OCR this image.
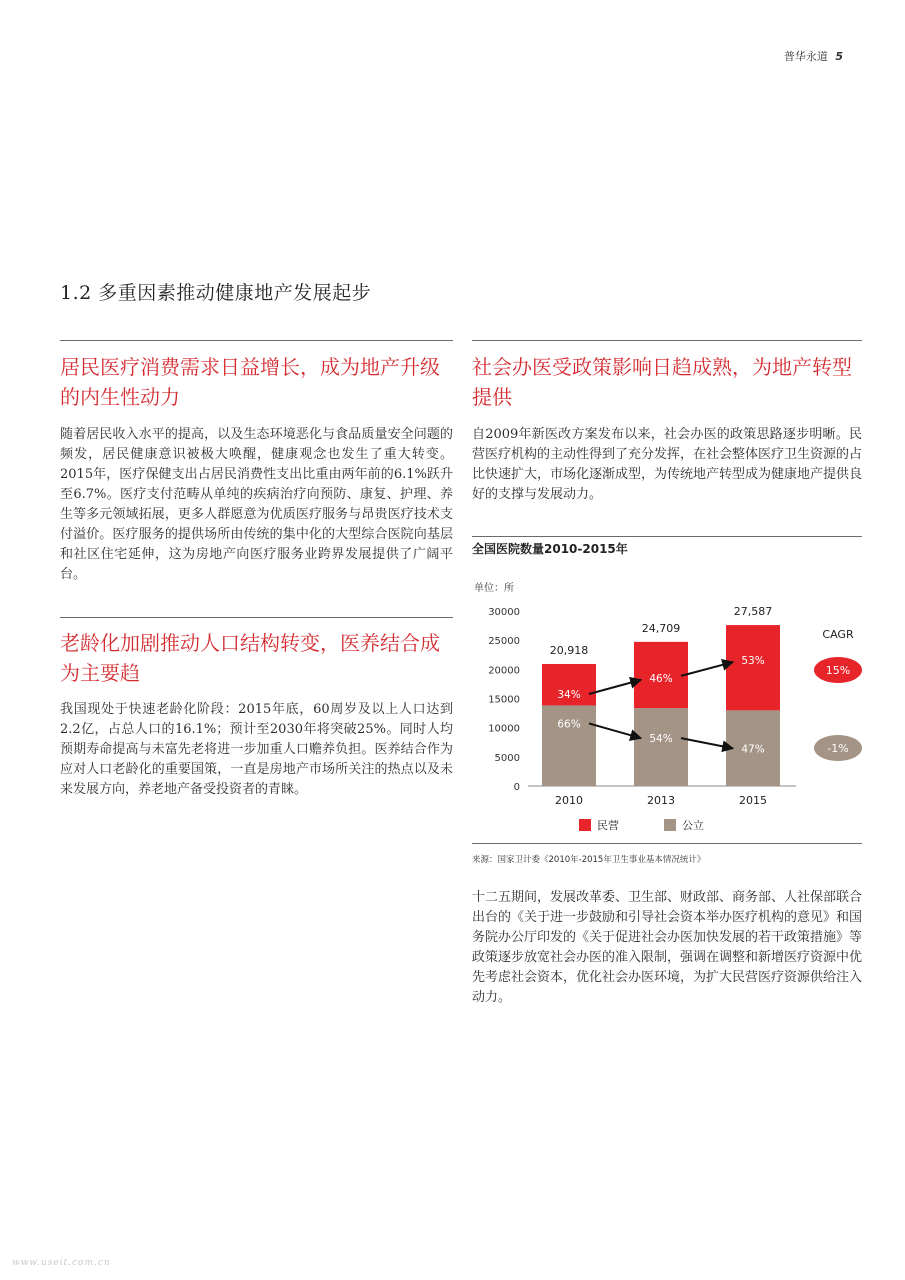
普华永道 5
1.2 多重因素推动健康地产发展起步
居民医疗消费需求日益增长，成为地产升级的内生性动力

随着居民收入水平的提高，以及生态环境恶化与食品质量安全问题的频发，居民健康意识被极大唤醒，健康观念也发生了重大转变。2015年，医疗保健支出占居民消费性支出比重由两年前的6.1%跃升至6.7%。医疗支付范畴从单纯的疾病治疗向预防、康复、护理、养生等多元领域拓展，更多人群愿意为优质医疗服务与昂贵医疗技术支付溢价。医疗服务的提供场所由传统的集中化的大型综合医院向基层和社区住宅延伸，这为房地产向医疗服务业跨界发展提供了广阔平台。

老龄化加剧推动人口结构转变，医养结合成为主要趋

我国现处于快速老龄化阶段：2015年底，60周岁及以上人口达到2.2亿，占总人口的16.1%；预计至2030年将突破25%。同时人均预期寿命提高与未富先老将进一步加重人口赡养负担。医养结合作为应对人口老龄化的重要国策，一直是房地产市场所关注的热点以及未来发展方向，养老地产备受投资者的青睐。

社会办医受政策影响日趋成熟，为地产转型提供

自2009年新医改方案发布以来，社会办医的政策思路逐步明晰。民营医疗机构的主动性得到了充分发挥，在社会整体医疗卫生资源的占比快速扩大，市场化逐渐成型，为传统地产转型成为健康地产提供良好的支撑与发展动力。

全国医院数量2010-2015年
单位：所
0
5000
10000
15000
20000
25000
30000
20,918
2010
66%
34%
24,709
2013
54%
46%
27,587
2015
47%
53%
CAGR
15%
-1%
民营	公立
来源：国家卫计委《2010年-2015年卫生事业基本情况统计》

十二五期间，发展改革委、卫生部、财政部、商务部、人社保部联合出台的《关于进一步鼓励和引导社会资本举办医疗机构的意见》和国务院办公厅印发的《关于促进社会办医加快发展的若干政策措施》等政策逐步放宽社会办医的准入限制，强调在调整和新增医疗资源中优先考虑社会资本，优化社会办医环境，为扩大民营医疗资源供给注入动力。

www.useit.com.cn
